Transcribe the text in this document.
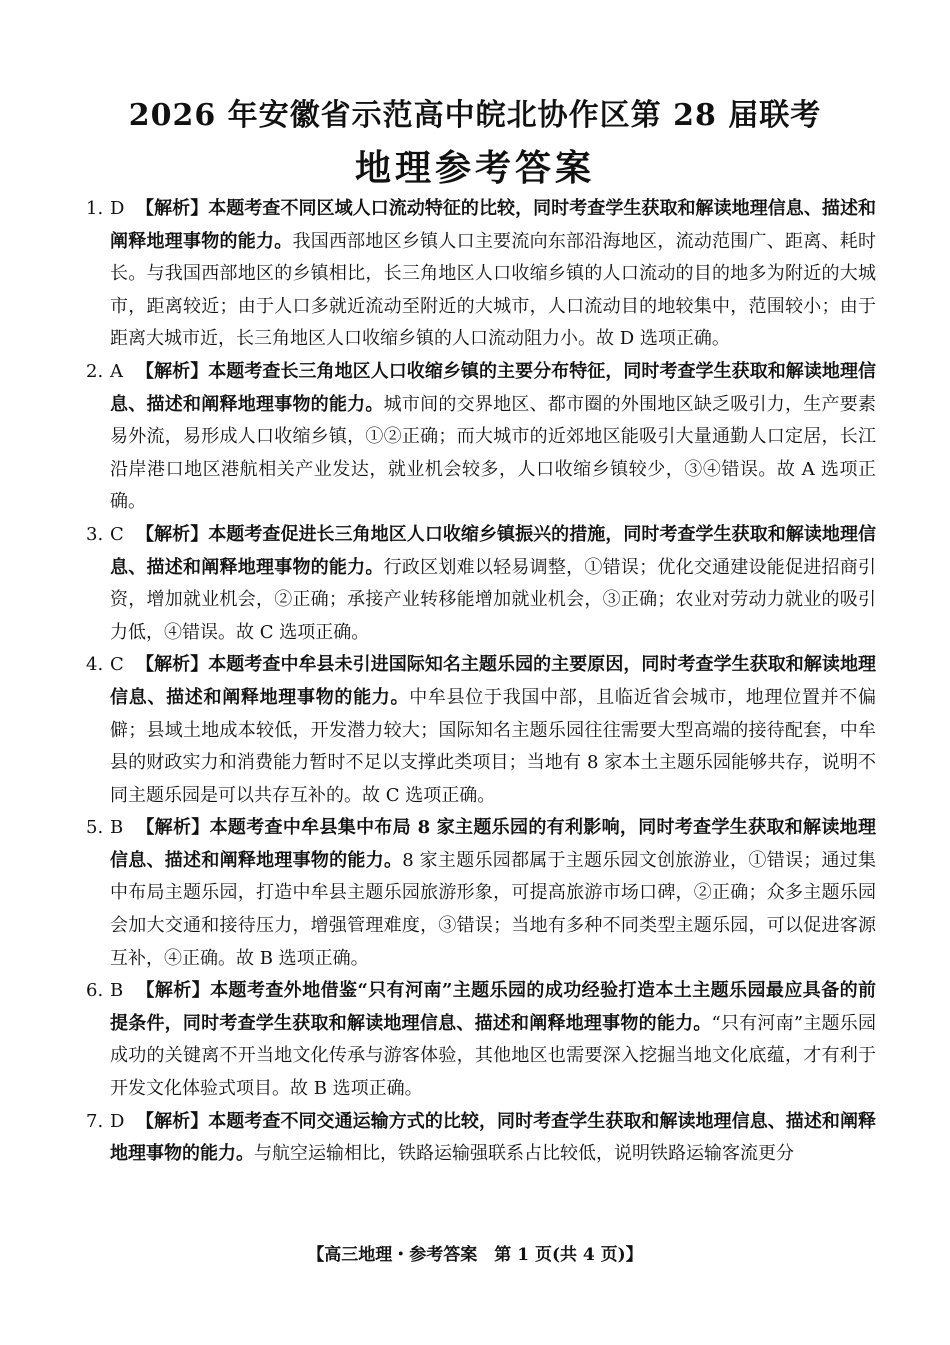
2026 年安徽省示范高中皖北协作区第 28 届联考
地理参考答案
1. D 【解析】本题考查不同区域人口流动特征的比较，同时考查学生获取和解读地理信息、描述和阐释地理事物的能力。我国西部地区乡镇人口主要流向东部沿海地区，流动范围广、距离、耗时长。与我国西部地区的乡镇相比，长三角地区人口收缩乡镇的人口流动的目的地多为附近的大城市，距离较近；由于人口多就近流动至附近的大城市，人口流动目的地较集中，范围较小；由于距离大城市近，长三角地区人口收缩乡镇的人口流动阻力小。故 D 选项正确。
2. A 【解析】本题考查长三角地区人口收缩乡镇的主要分布特征，同时考查学生获取和解读地理信息、描述和阐释地理事物的能力。城市间的交界地区、都市圈的外围地区缺乏吸引力，生产要素易外流，易形成人口收缩乡镇，①②正确；而大城市的近郊地区能吸引大量通勤人口定居，长江沿岸港口地区港航相关产业发达，就业机会较多，人口收缩乡镇较少，③④错误。故 A 选项正确。
3. C 【解析】本题考查促进长三角地区人口收缩乡镇振兴的措施，同时考查学生获取和解读地理信息、描述和阐释地理事物的能力。行政区划难以轻易调整，①错误；优化交通建设能促进招商引资，增加就业机会，②正确；承接产业转移能增加就业机会，③正确；农业对劳动力就业的吸引力低，④错误。故 C 选项正确。
4. C 【解析】本题考查中牟县未引进国际知名主题乐园的主要原因，同时考查学生获取和解读地理信息、描述和阐释地理事物的能力。中牟县位于我国中部，且临近省会城市，地理位置并不偏僻；县域土地成本较低，开发潜力较大；国际知名主题乐园往往需要大型高端的接待配套，中牟县的财政实力和消费能力暂时不足以支撑此类项目；当地有 8 家本土主题乐园能够共存，说明不同主题乐园是可以共存互补的。故 C 选项正确。
5. B 【解析】本题考查中牟县集中布局 8 家主题乐园的有利影响，同时考查学生获取和解读地理信息、描述和阐释地理事物的能力。8 家主题乐园都属于主题乐园文创旅游业，①错误；通过集中布局主题乐园，打造中牟县主题乐园旅游形象，可提高旅游市场口碑，②正确；众多主题乐园会加大交通和接待压力，增强管理难度，③错误；当地有多种不同类型主题乐园，可以促进客源互补，④正确。故 B 选项正确。
6. B 【解析】本题考查外地借鉴“只有河南”主题乐园的成功经验打造本土主题乐园最应具备的前提条件，同时考查学生获取和解读地理信息、描述和阐释地理事物的能力。“只有河南”主题乐园成功的关键离不开当地文化传承与游客体验，其他地区也需要深入挖掘当地文化底蕴，才有利于开发文化体验式项目。故 B 选项正确。
7. D 【解析】本题考查不同交通运输方式的比较，同时考查学生获取和解读地理信息、描述和阐释地理事物的能力。与航空运输相比，铁路运输强联系占比较低，说明铁路运输客流更分
【高三地理・参考答案　第 1 页(共 4 页)】
